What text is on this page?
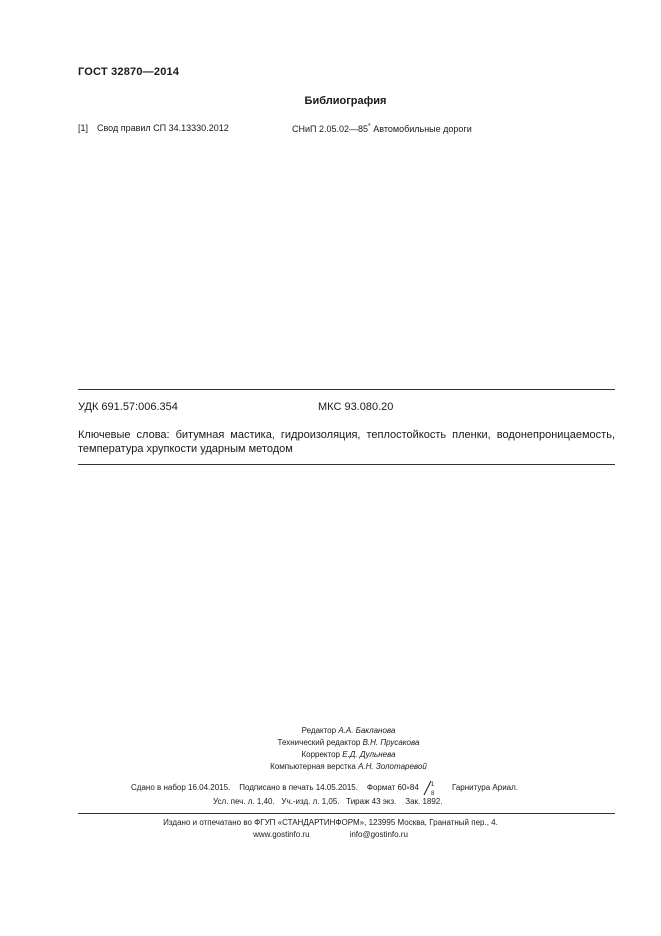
ГОСТ 32870—2014
Библиография
[1] Свод правил СП 34.13330.2012	СНиП 2.05.02—85* Автомобильные дороги
УДК 691.57:006.354	МКС 93.080.20
Ключевые слова: битумная мастика, гидроизоляция, теплостойкость пленки, водонепроницаемость,
температура хрупкости ударным методом
Редактор А.А. Бакланова
Технический редактор В.Н. Прусакова
Корректор Е.Д. Дульнева
Компьютерная верстка А.Н. Золотаревой
Сдано в набор 16.04.2015. Подписано в печать 14.05.2015. Формат 60×84 1
8
Гарнитура Ариал.
Усл. печ. л. 1,40. Уч.-изд. л. 1,05. Тираж 43 экз. Зак. 1892.
Издано и отпечатано во ФГУП «СТАНДАРТИНФОРМ», 123995 Москва, Гранатный пер., 4.
www.gostinfo.ru	info@gostinfo.ru
